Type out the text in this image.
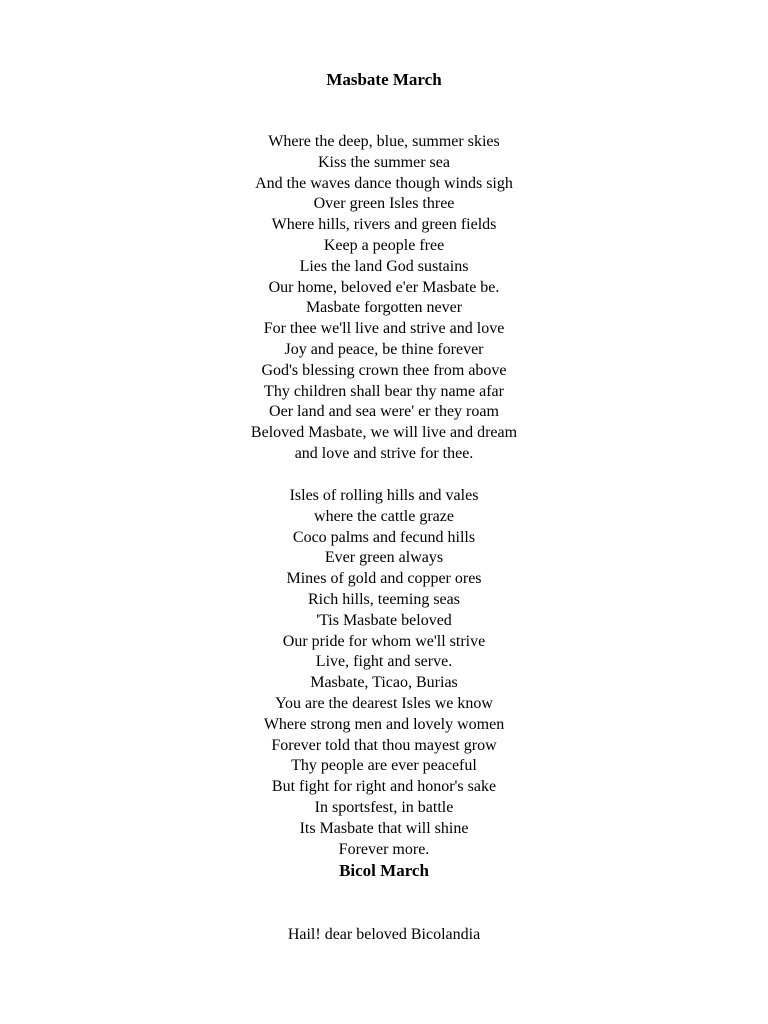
Masbate March
Where the deep, blue, summer skies
Kiss the summer sea
And the waves dance though winds sigh
Over green Isles three
Where hills, rivers and green fields
Keep a people free
Lies the land God sustains
Our home, beloved e'er Masbate be.
Masbate forgotten never
For thee we'll live and strive and love
Joy and peace, be thine forever
God's blessing crown thee from above
Thy children shall bear thy name afar
Oer land and sea were' er they roam
Beloved Masbate, we will live and dream
and love and strive for thee.
Isles of rolling hills and vales
where the cattle graze
Coco palms and fecund hills
Ever green always
Mines of gold and copper ores
Rich hills, teeming seas
'Tis Masbate beloved
Our pride for whom we'll strive
Live, fight and serve.
Masbate, Ticao, Burias
You are the dearest Isles we know
Where strong men and lovely women
Forever told that thou mayest grow
Thy people are ever peaceful
But fight for right and honor's sake
In sportsfest, in battle
Its Masbate that will shine
Forever more.
Bicol March
Hail! dear beloved Bicolandia
